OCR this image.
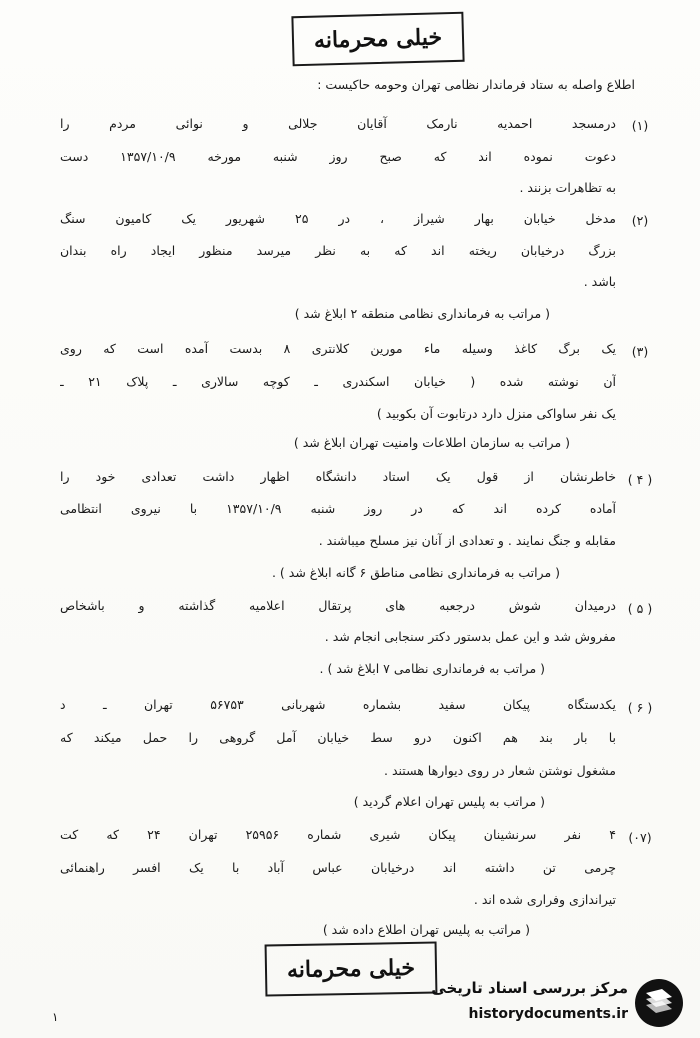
خیلی محرمانه
اطلاع واصله به ستاد فرماندار نظامی تهران وحومه حاکیست :
(۱)
درمسجد احمدیه نارمک آقایان جلالی و نوائی مردم را
دعوت نموده اند که صبح روز شنبه مورخه ۱۳۵۷/۱۰/۹ دست
به تظاهرات بزنند .
(۲)
مدخل خیابان بهار شیراز ، در ۲۵ شهریور یک کامیون سنگ
بزرگ درخیابان ریخته اند که به نظر میرسد منظور ایجاد راه بندان
باشد .
( مراتب به فرمانداری نظامی منطقه ۲ ابلاغ شد )
(۳)
یک برگ کاغذ وسیله ماء مورین کلانتری ۸ بدست آمده است که روی
آن نوشته شده ( خیابان اسکندری ـ کوچه سالاری ـ پلاک ۲۱ ـ
یک نفر ساواکی منزل دارد درتابوت آن بکوبید )
( مراتب به سازمان اطلاعات وامنیت تهران ابلاغ شد )
( ۴ )
خاطرنشان از قول یک استاد دانشگاه اظهار داشت تعدادی خود را
آماده کرده اند که در روز شنبه ۱۳۵۷/۱۰/۹ با نیروی انتظامی
مقابله و جنگ نمایند . و تعدادی از آنان نیز مسلح میباشند .
( مراتب به فرمانداری نظامی مناطق ۶ گانه ابلاغ شد ) .
( ۵ )
درمیدان شوش درجعبه های پرتقال اعلامیه گذاشته و باشخاص
مفروش شد و این عمل بدستور دکتر سنجابی انجام شد .
( مراتب به فرمانداری نظامی ۷ ابلاغ شد ) .
( ۶ )
یکدستگاه پیکان سفید بشماره شهربانی ۵۶۷۵۳ تهران ـ د
با بار بند هم اکنون درو سط خیابان آمل گروهی را حمل میکند که
مشغول نوشتن شعار در روی دیوارها هستند .
( مراتب به پلیس تهران اعلام گردید )
(۰۷)
۴ نفر سرنشینان پیکان شیری شماره ۲۵۹۵۶ تهران ۲۴ که کت
چرمی تن داشته اند درخیابان عباس آباد با یک افسر راهنمائی
تیراندازی وفراری شده اند .
( مراتب به پلیس تهران اطلاع داده شد )
خیلی محرمانه
۱
مرکز بررسی اسناد تاریخی
historydocuments.ir
